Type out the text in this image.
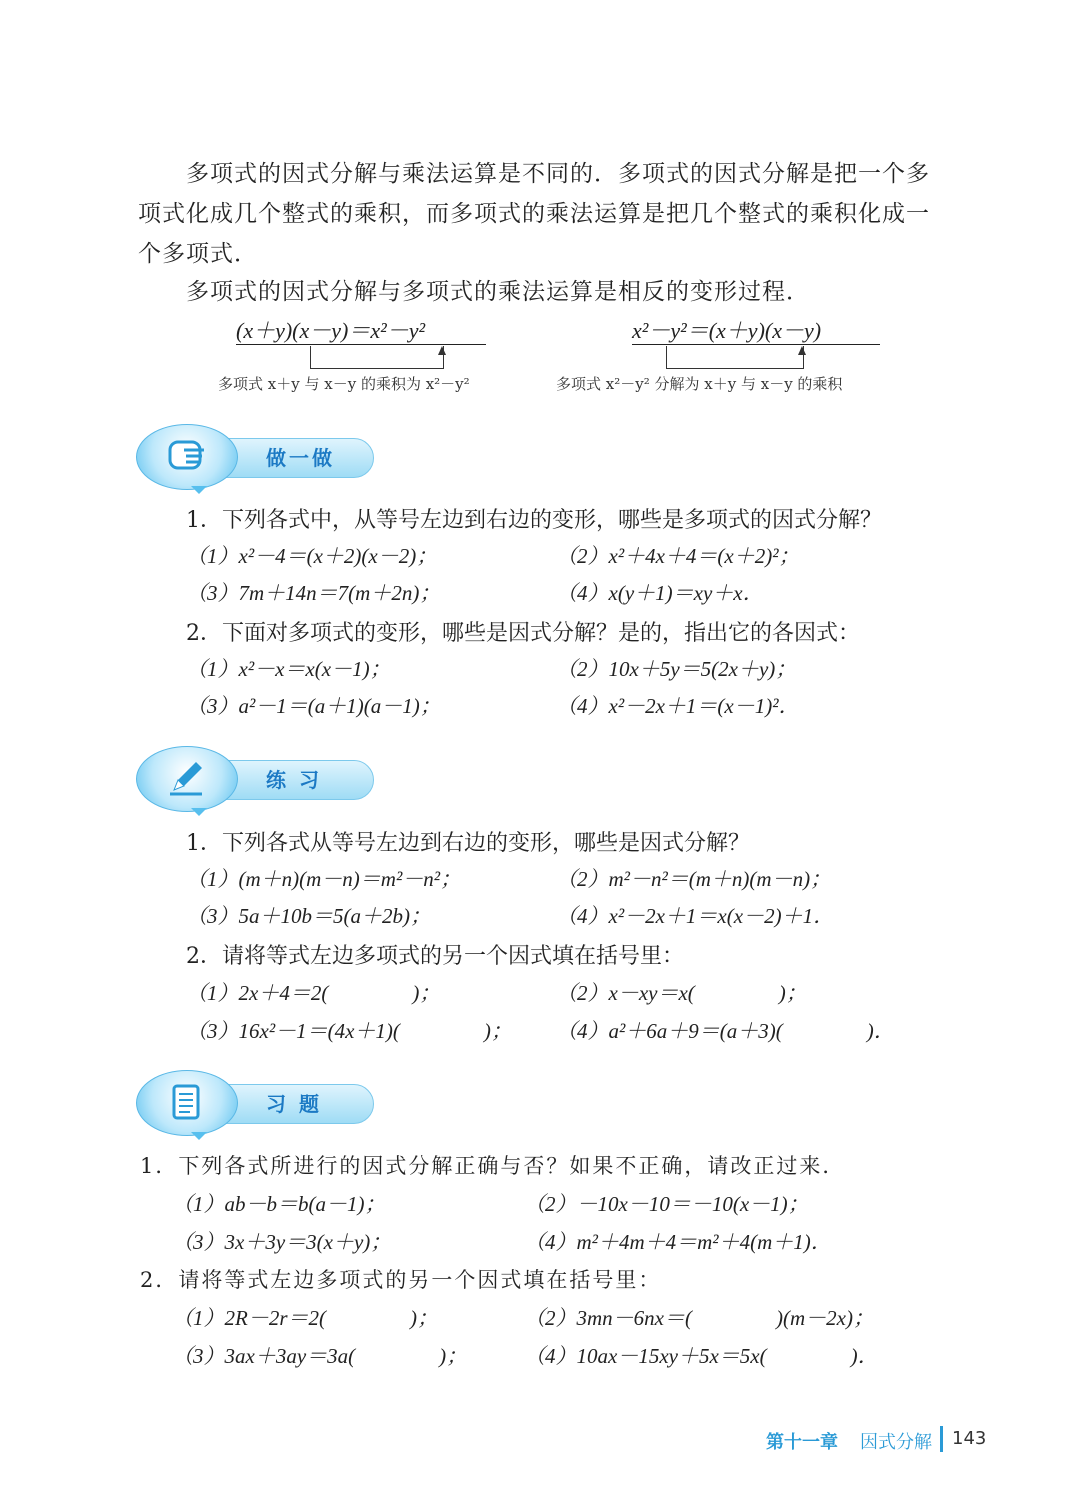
多项式的因式分解与乘法运算是不同的．多项式的因式分解是把一个多项式化成几个整式的乘积，而多项式的乘法运算是把几个整式的乘积化成一个多项式．
多项式的因式分解与多项式的乘法运算是相反的变形过程．
(x＋y)(x－y)＝x²－y²
多项式 x＋y 与 x－y 的乘积为 x²－y²
x²－y²＝(x＋y)(x－y)
多项式 x²－y² 分解为 x＋y 与 x－y 的乘积
做一做
1．下列各式中，从等号左边到右边的变形，哪些是多项式的因式分解？
（1）x²－4＝(x＋2)(x－2)；	（2）x²＋4x＋4＝(x＋2)²；
（3）7m＋14n＝7(m＋2n)；	（4）x(y＋1)＝xy＋x．
2．下面对多项式的变形，哪些是因式分解？是的，指出它的各因式：
（1）x²－x＝x(x－1)；	（2）10x＋5y＝5(2x＋y)；
（3）a²－1＝(a＋1)(a－1)；	（4）x²－2x＋1＝(x－1)²．
练 习
1．下列各式从等号左边到右边的变形，哪些是因式分解？
（1）(m＋n)(m－n)＝m²－n²；	（2）m²－n²＝(m＋n)(m－n)；
（3）5a＋10b＝5(a＋2b)；	（4）x²－2x＋1＝x(x－2)＋1．
2．请将等式左边多项式的另一个因式填在括号里：
（1）2x＋4＝2(　　　　)；	（2）x－xy＝x(　　　　)；
（3）16x²－1＝(4x＋1)(　　　　)； （4）a²＋6a＋9＝(a＋3)(　　　　)．
习 题
1．下列各式所进行的因式分解正确与否？如果不正确，请改正过来．
（1）ab－b＝b(a－1)；	（2）－10x－10＝－10(x－1)；
（3）3x＋3y＝3(x＋y)；	（4）m²＋4m＋4＝m²＋4(m＋1)．
2．请将等式左边多项式的另一个因式填在括号里：
（1）2R－2r＝2(　　　　)；	（2）3mn－6nx＝(　　　　)(m－2x)；
（3）3ax＋3ay＝3a(　　　　)；	（4）10ax－15xy＋5x＝5x(　　　　)．
第十一章 因式分解 143
